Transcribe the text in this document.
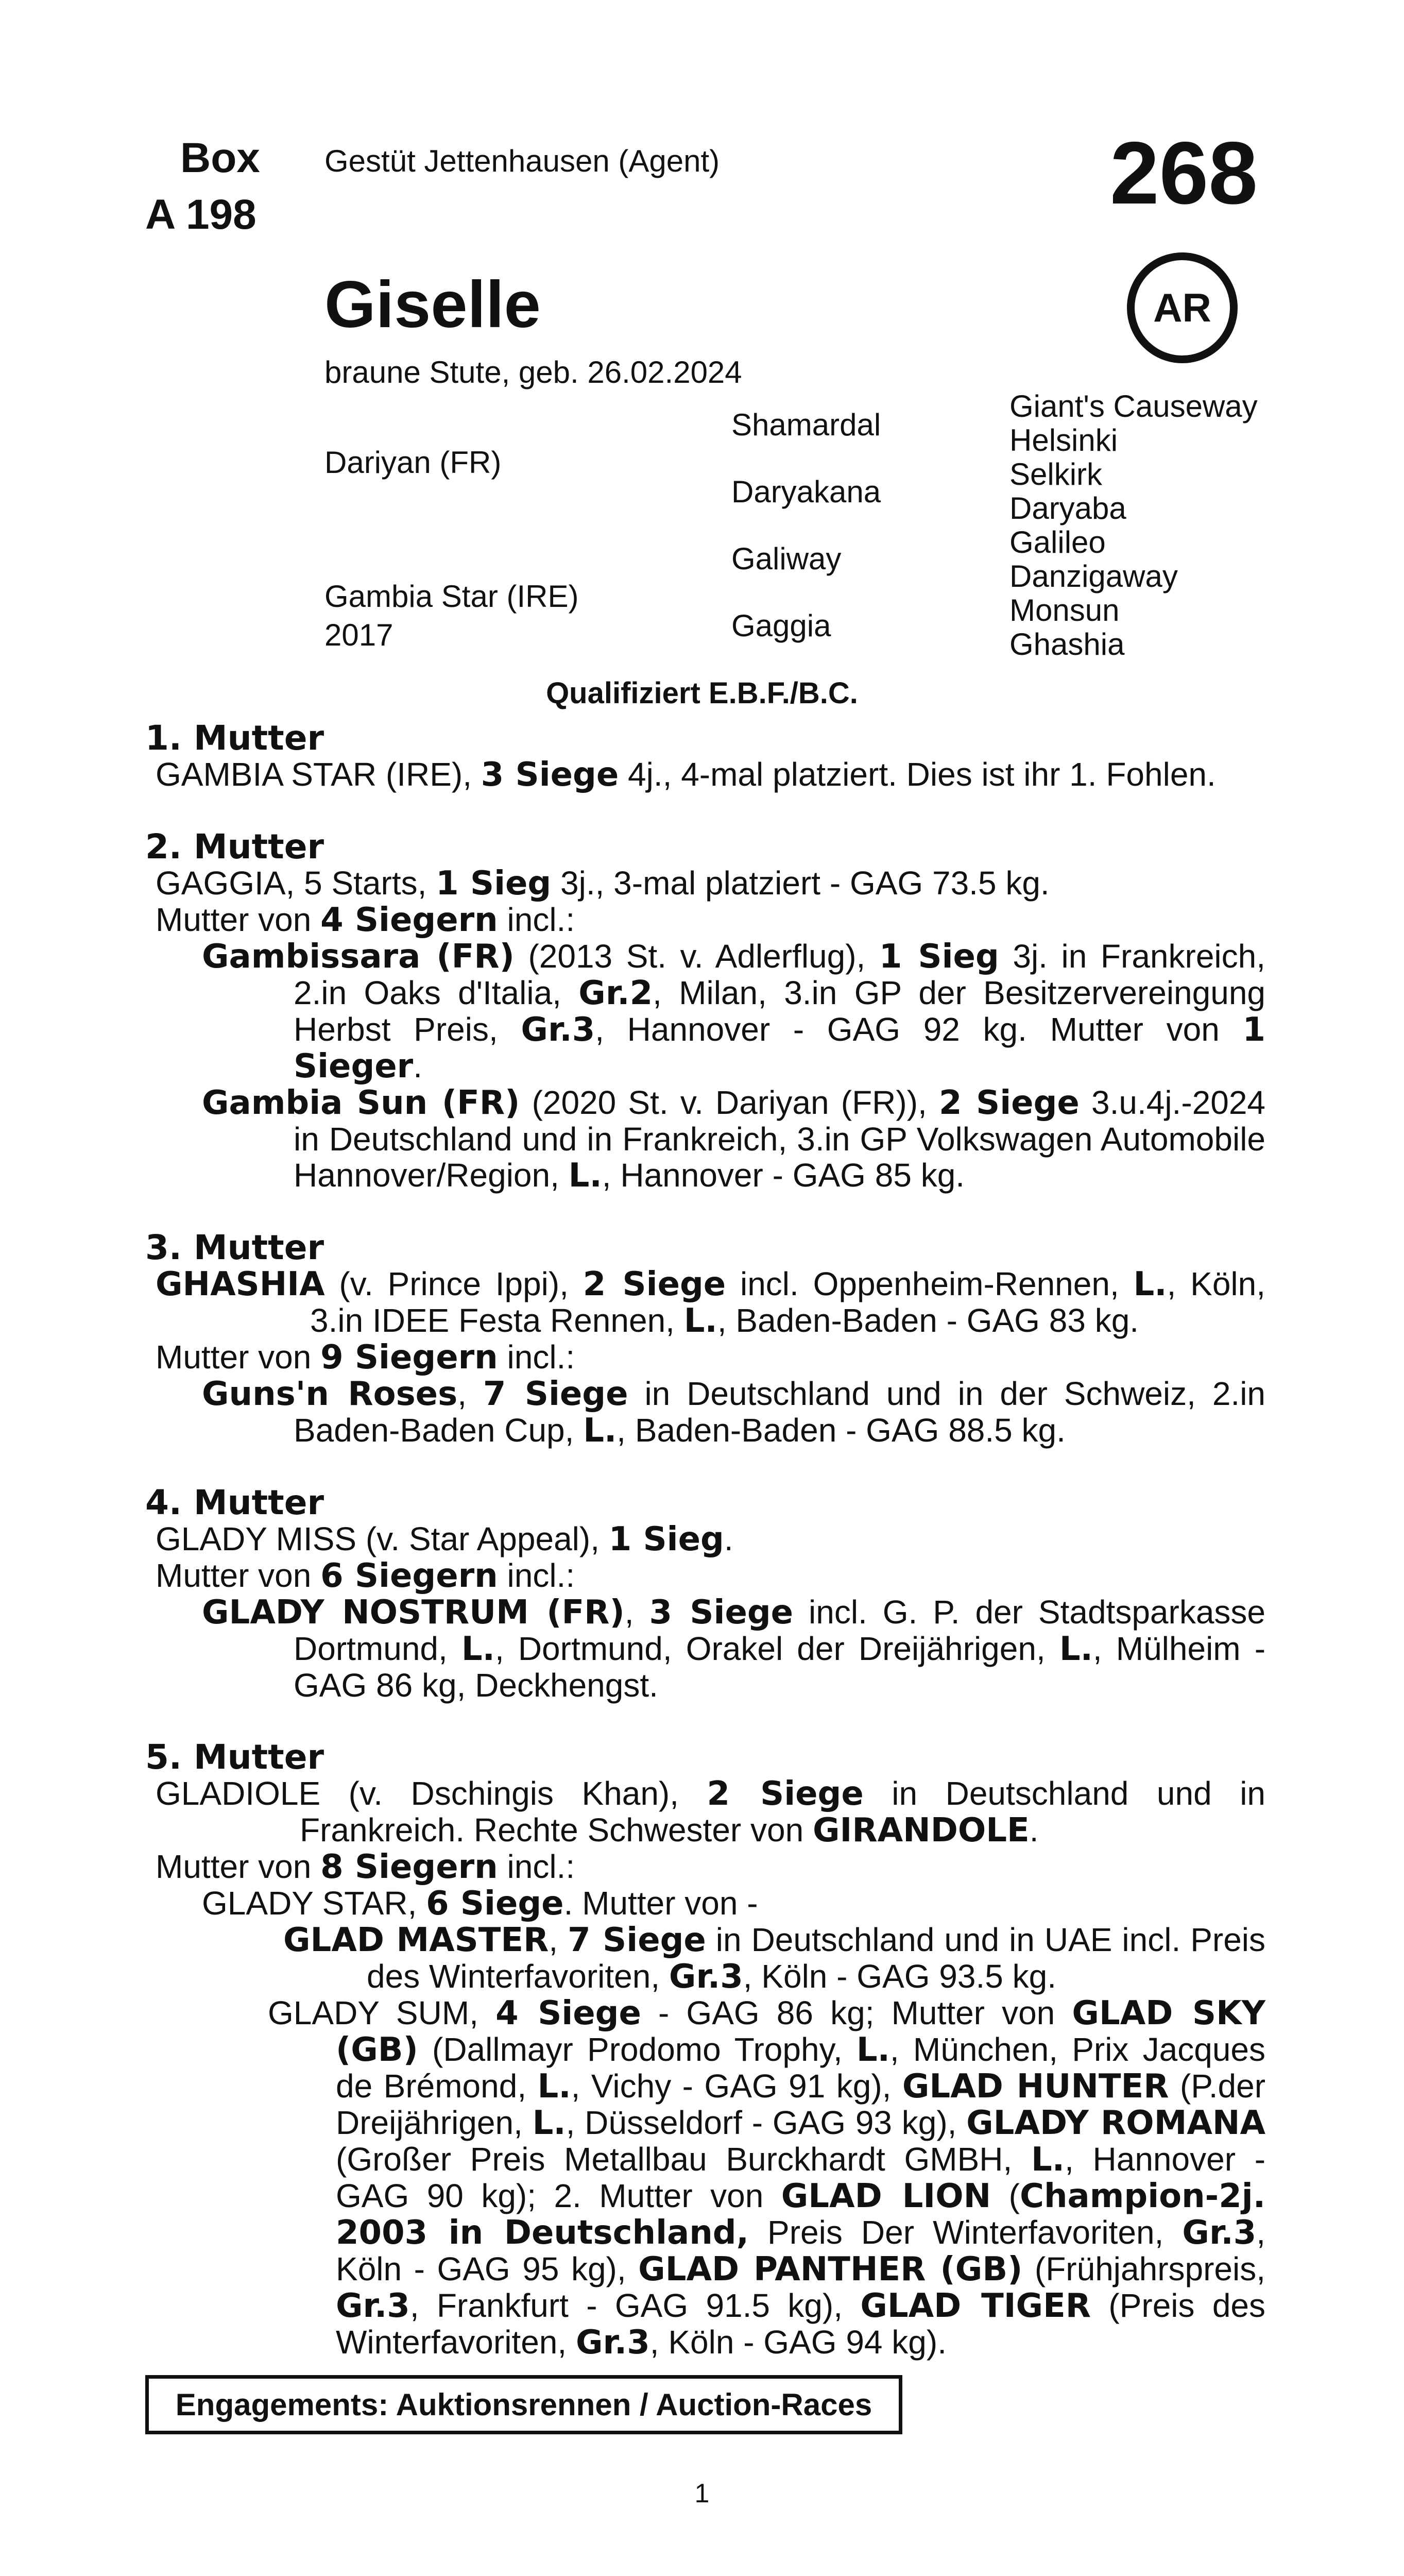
Box
A 198
Gestüt Jettenhausen (Agent)	268
AR
Giselle
braune Stute, geb. 26.02.2024
Dariyan (FR)
Gambia Star (IRE)
2017
Shamardal
Daryakana
Galiway
Gaggia
Giant's Causeway
Helsinki
Selkirk
Daryaba
Galileo
Danzigaway
Monsun
Ghashia
Qualifiziert E.B.F./B.C.
1. Mutter

GAMBIA STAR (IRE), 3 Siege 4j., 4-mal platziert. Dies ist ihr 1. Fohlen.

2. Mutter

GAGGIA, 5 Starts, 1 Sieg 3j., 3-mal platziert - GAG 73.5 kg.

Mutter von 4 Siegern incl.:

Gambissara (FR) (2013 St. v. Adlerflug), 1 Sieg 3j. in Frankreich, 2.in Oaks d'Italia, Gr.2, Milan, 3.in GP der Besitzervereingung Herbst Preis, Gr.3, Hannover - GAG 92 kg. Mutter von 1 Sieger.

Gambia Sun (FR) (2020 St. v. Dariyan (FR)), 2 Siege 3.u.4j.-2024 in Deutschland und in Frankreich, 3.in GP Volkswagen Automobile Hannover/Region, L., Hannover - GAG 85 kg.

3. Mutter

GHASHIA (v. Prince Ippi), 2 Siege incl. Oppenheim-Rennen, L., Köln, 3.in IDEE Festa Rennen, L., Baden-Baden - GAG 83 kg.

Mutter von 9 Siegern incl.:

Guns'n Roses, 7 Siege in Deutschland und in der Schweiz, 2.in Baden-Baden Cup, L., Baden-Baden - GAG 88.5 kg.

4. Mutter

GLADY MISS (v. Star Appeal), 1 Sieg.

Mutter von 6 Siegern incl.:

GLADY NOSTRUM (FR), 3 Siege incl. G. P. der Stadtsparkasse Dortmund, L., Dortmund, Orakel der Dreijährigen, L., Mülheim - GAG 86 kg, Deckhengst.

5. Mutter

GLADIOLE (v. Dschingis Khan), 2 Siege in Deutschland und in Frankreich. Rechte Schwester von GIRANDOLE.

Mutter von 8 Siegern incl.:

GLADY STAR, 6 Siege. Mutter von -

GLAD MASTER, 7 Siege in Deutschland und in UAE incl. Preis des Winterfavoriten, Gr.3, Köln - GAG 93.5 kg.

GLADY SUM, 4 Siege - GAG 86 kg; Mutter von GLAD SKY (GB) (Dallmayr Prodomo Trophy, L., München, Prix Jacques de Brémond, L., Vichy - GAG 91 kg), GLAD HUNTER (P.der Dreijährigen, L., Düsseldorf - GAG 93 kg), GLADY ROMANA (Großer Preis Metallbau Burckhardt GMBH, L., Hannover - GAG 90 kg); 2. Mutter von GLAD LION (Champion-2j. 2003 in Deutschland, Preis Der Winterfavoriten, Gr.3, Köln - GAG 95 kg), GLAD PANTHER (GB) (Frühjahrspreis, Gr.3, Frankfurt - GAG 91.5 kg), GLAD TIGER (Preis des Winterfavoriten, Gr.3, Köln - GAG 94 kg).

Engagements: Auktionsrennen / Auction-Races
1
